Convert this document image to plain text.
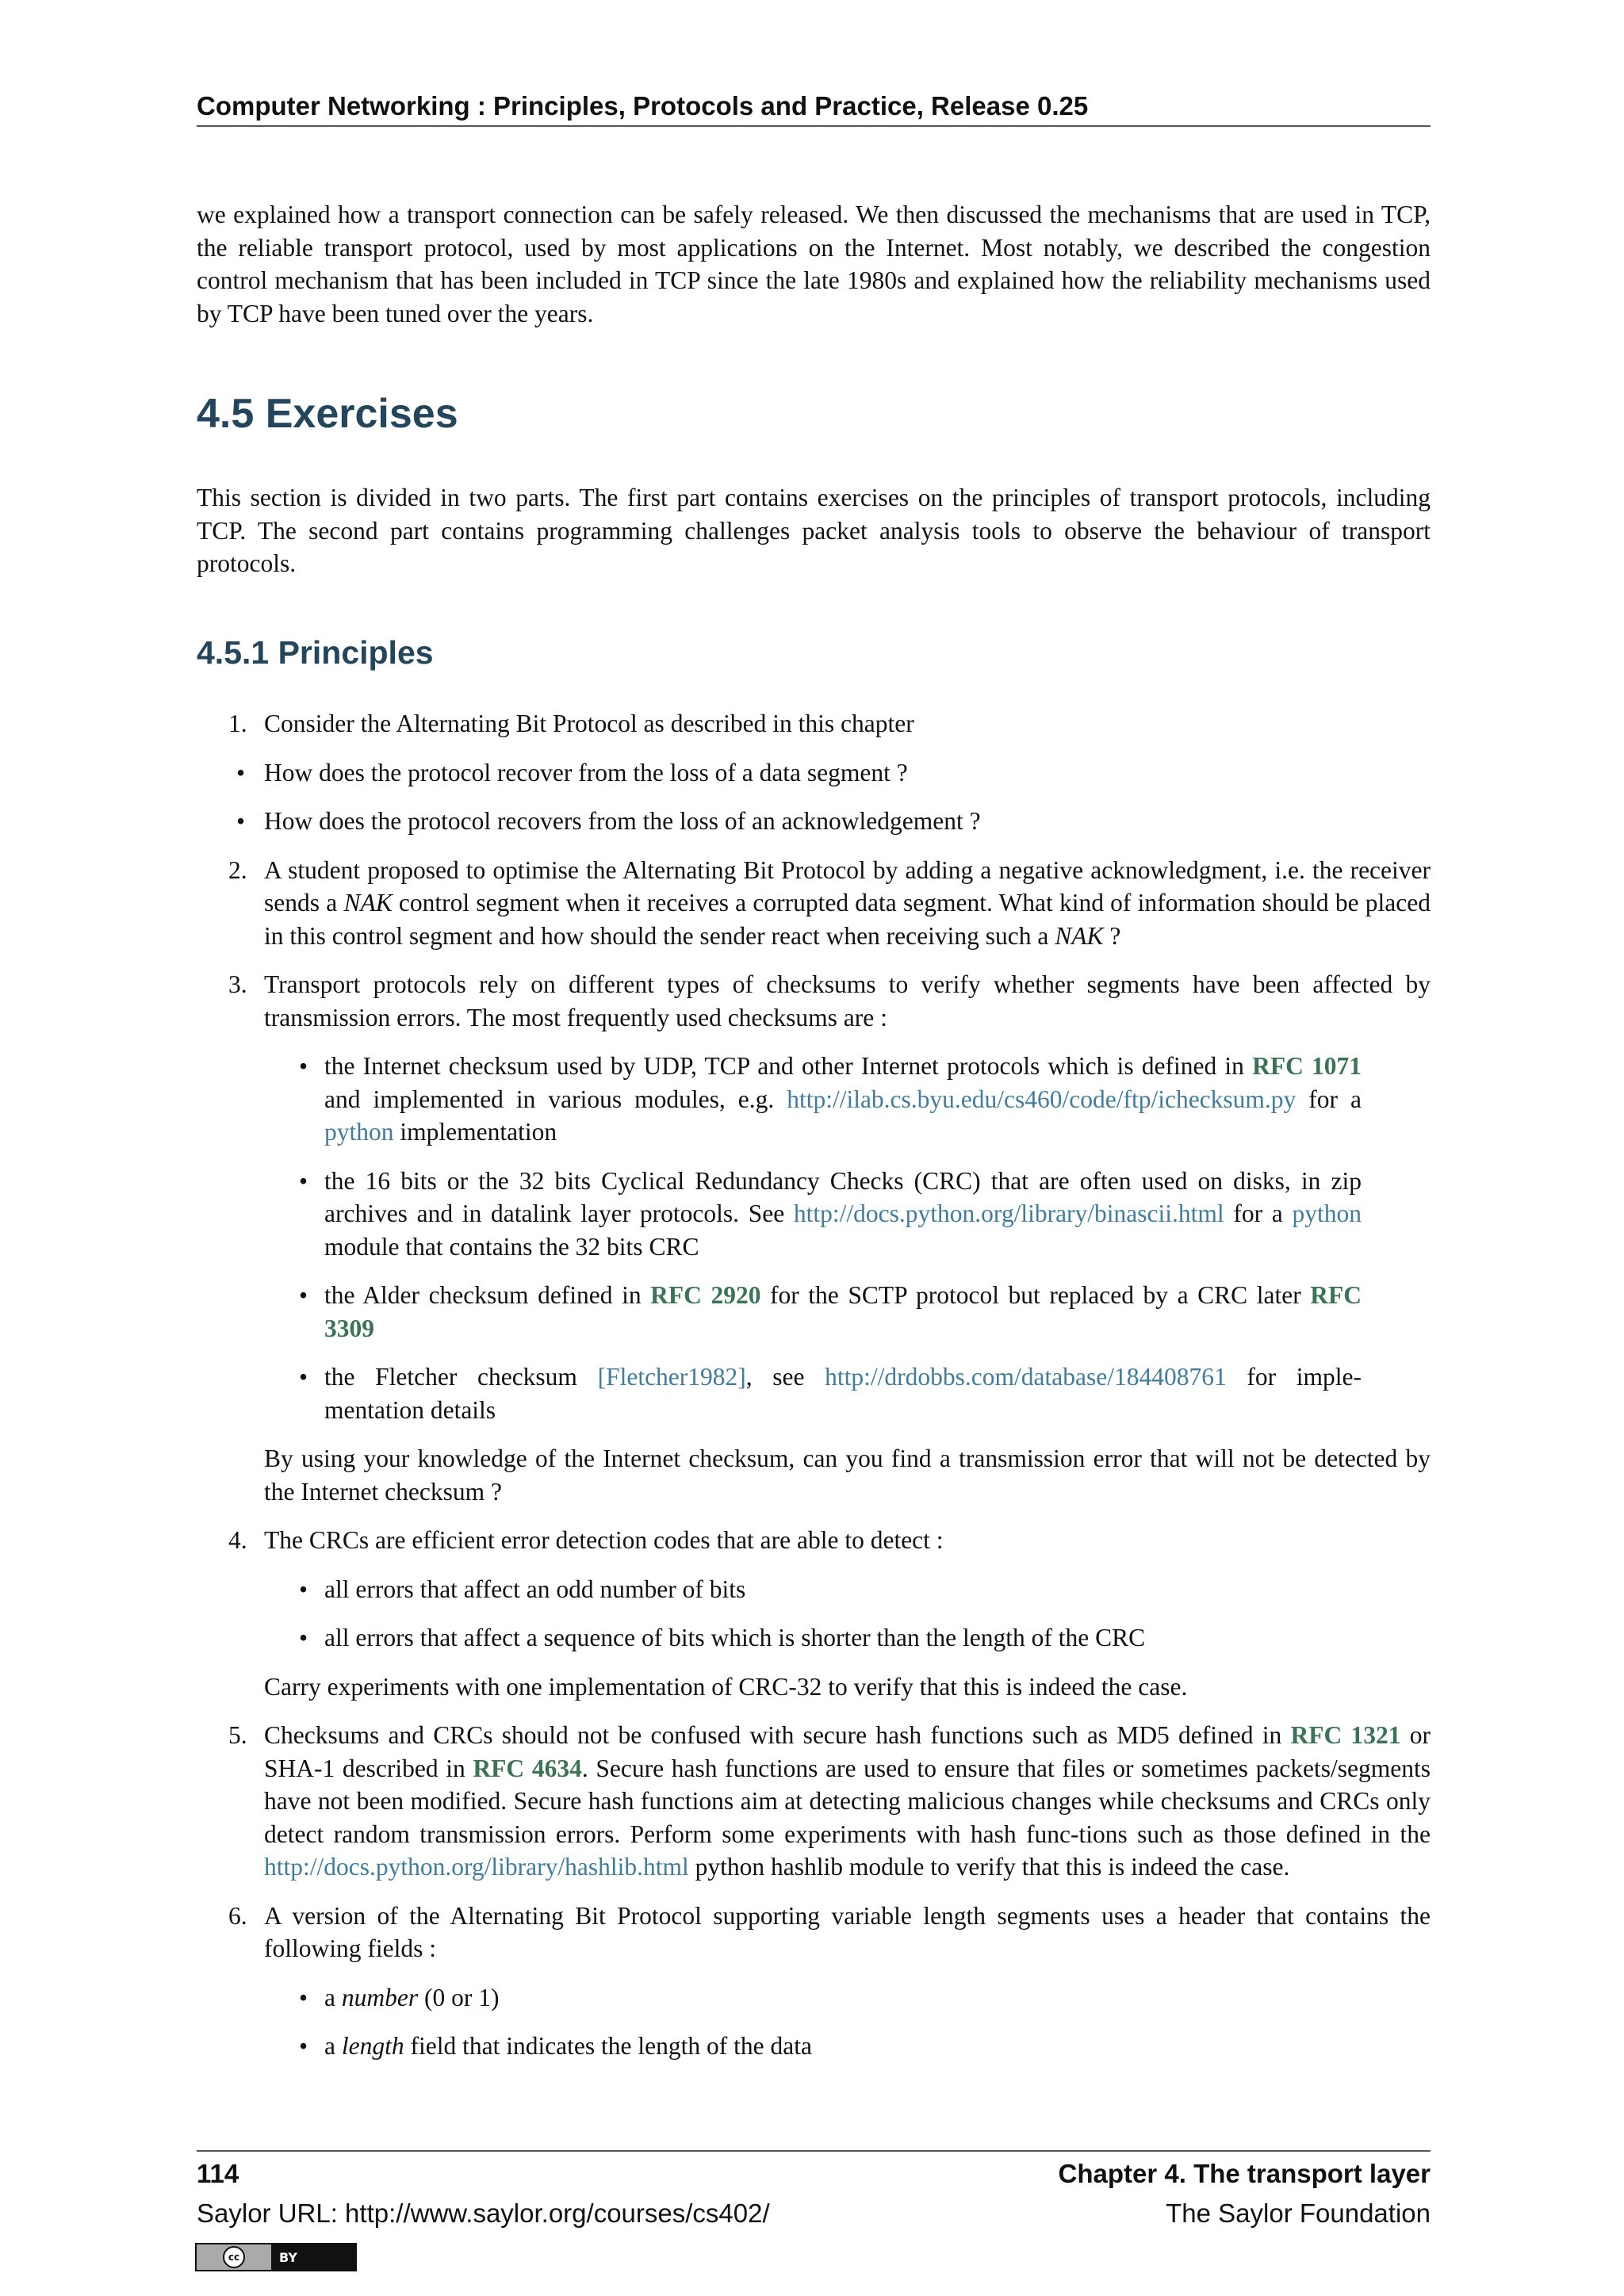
Computer Networking : Principles, Protocols and Practice, Release 0.25

we explained how a transport connection can be safely released. We then discussed the mechanisms that are used in TCP, the reliable transport protocol, used by most applications on the Internet. Most notably, we described the congestion control mechanism that has been included in TCP since the late 1980s and explained how the reliability mechanisms used by TCP have been tuned over the years.

4.5 Exercises

This section is divided in two parts. The first part contains exercises on the principles of transport protocols, including TCP. The second part contains programming challenges packet analysis tools to observe the behaviour of transport protocols.

4.5.1 Principles
1. Consider the Alternating Bit Protocol as described in this chapter
• How does the protocol recover from the loss of a data segment ?
• How does the protocol recovers from the loss of an acknowledgement ?
2. A student proposed to optimise the Alternating Bit Protocol by adding a negative acknowledgment, i.e. the receiver sends a NAK control segment when it receives a corrupted data segment. What kind of information should be placed in this control segment and how should the sender react when receiving such a NAK ?
3. Transport protocols rely on different types of checksums to verify whether segments have been affected by transmission errors. The most frequently used checksums are :
• the Internet checksum used by UDP, TCP and other Internet protocols which is defined in RFC 1071 and implemented in various modules, e.g. http://ilab.cs.byu.edu/cs460/code/ftp/ichecksum.py for a python implementation
• the 16 bits or the 32 bits Cyclical Redundancy Checks (CRC) that are often used on disks, in zip archives and in datalink layer protocols. See http://docs.python.org/library/binascii.html for a python module that contains the 32 bits CRC
• the Alder checksum defined in RFC 2920 for the SCTP protocol but replaced by a CRC later RFC 3309
• the Fletcher checksum [Fletcher1982], see http://drdobbs.com/database/184408761 for imple-mentation details
By using your knowledge of the Internet checksum, can you find a transmission error that will not be detected by the Internet checksum ?
4. The CRCs are efficient error detection codes that are able to detect :
• all errors that affect an odd number of bits
• all errors that affect a sequence of bits which is shorter than the length of the CRC
Carry experiments with one implementation of CRC-32 to verify that this is indeed the case.
5. Checksums and CRCs should not be confused with secure hash functions such as MD5 defined in RFC 1321 or SHA-1 described in RFC 4634. Secure hash functions are used to ensure that files or sometimes packets/segments have not been modified. Secure hash functions aim at detecting malicious changes while checksums and CRCs only detect random transmission errors. Perform some experiments with hash func-tions such as those defined in the http://docs.python.org/library/hashlib.html python hashlib module to verify that this is indeed the case.
6. A version of the Alternating Bit Protocol supporting variable length segments uses a header that contains the following fields :
• a number (0 or 1)
• a length field that indicates the length of the data
114	Chapter 4. The transport layer
Saylor URL: http://www.saylor.org/courses/cs402/	The Saylor Foundation
cc	BY
